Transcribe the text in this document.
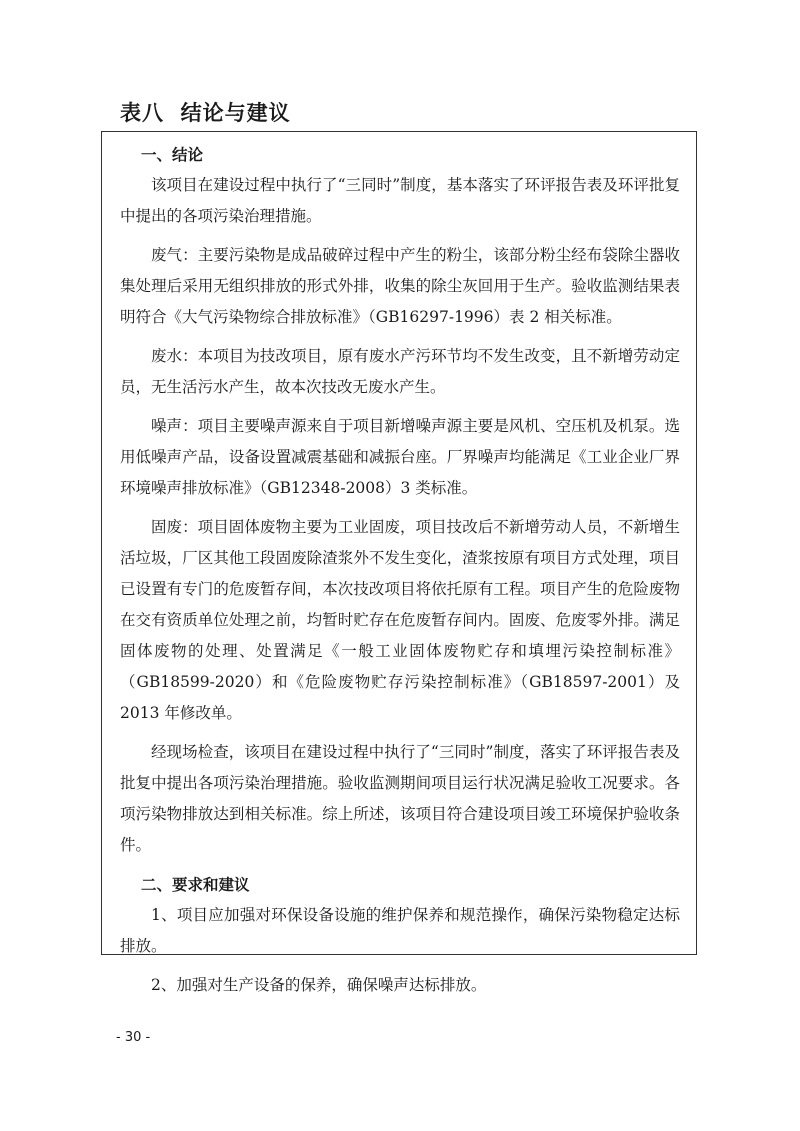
表八  结论与建议

一、结论

该项目在建设过程中执行了“三同时”制度，基本落实了环评报告表及环评批复中提出的各项污染治理措施。

废气：主要污染物是成品破碎过程中产生的粉尘，该部分粉尘经布袋除尘器收集处理后采用无组织排放的形式外排，收集的除尘灰回用于生产。验收监测结果表明符合《大气污染物综合排放标准》（GB16297-1996）表 2 相关标准。

废水：本项目为技改项目，原有废水产污环节均不发生改变，且不新增劳动定员，无生活污水产生，故本次技改无废水产生。

噪声：项目主要噪声源来自于项目新增噪声源主要是风机、空压机及机泵。选用低噪声产品，设备设置减震基础和减振台座。厂界噪声均能满足《工业企业厂界环境噪声排放标准》（GB12348-2008）3 类标准。

固废：项目固体废物主要为工业固废，项目技改后不新增劳动人员，不新增生活垃圾，厂区其他工段固废除渣浆外不发生变化，渣浆按原有项目方式处理，项目已设置有专门的危废暂存间，本次技改项目将依托原有工程。项目产生的危险废物在交有资质单位处理之前，均暂时贮存在危废暂存间内。固废、危废零外排。满足固体废物的处理、处置满足《一般工业固体废物贮存和填埋污染控制标准》（GB18599-2020）和《危险废物贮存污染控制标准》（GB18597-2001）及 2013 年修改单。

经现场检查，该项目在建设过程中执行了“三同时”制度，落实了环评报告表及批复中提出各项污染治理措施。验收监测期间项目运行状况满足验收工况要求。各项污染物排放达到相关标准。综上所述，该项目符合建设项目竣工环境保护验收条件。

二、要求和建议

1、项目应加强对环保设备设施的维护保养和规范操作，确保污染物稳定达标排放。

2、加强对生产设备的保养，确保噪声达标排放。

- 30 -
